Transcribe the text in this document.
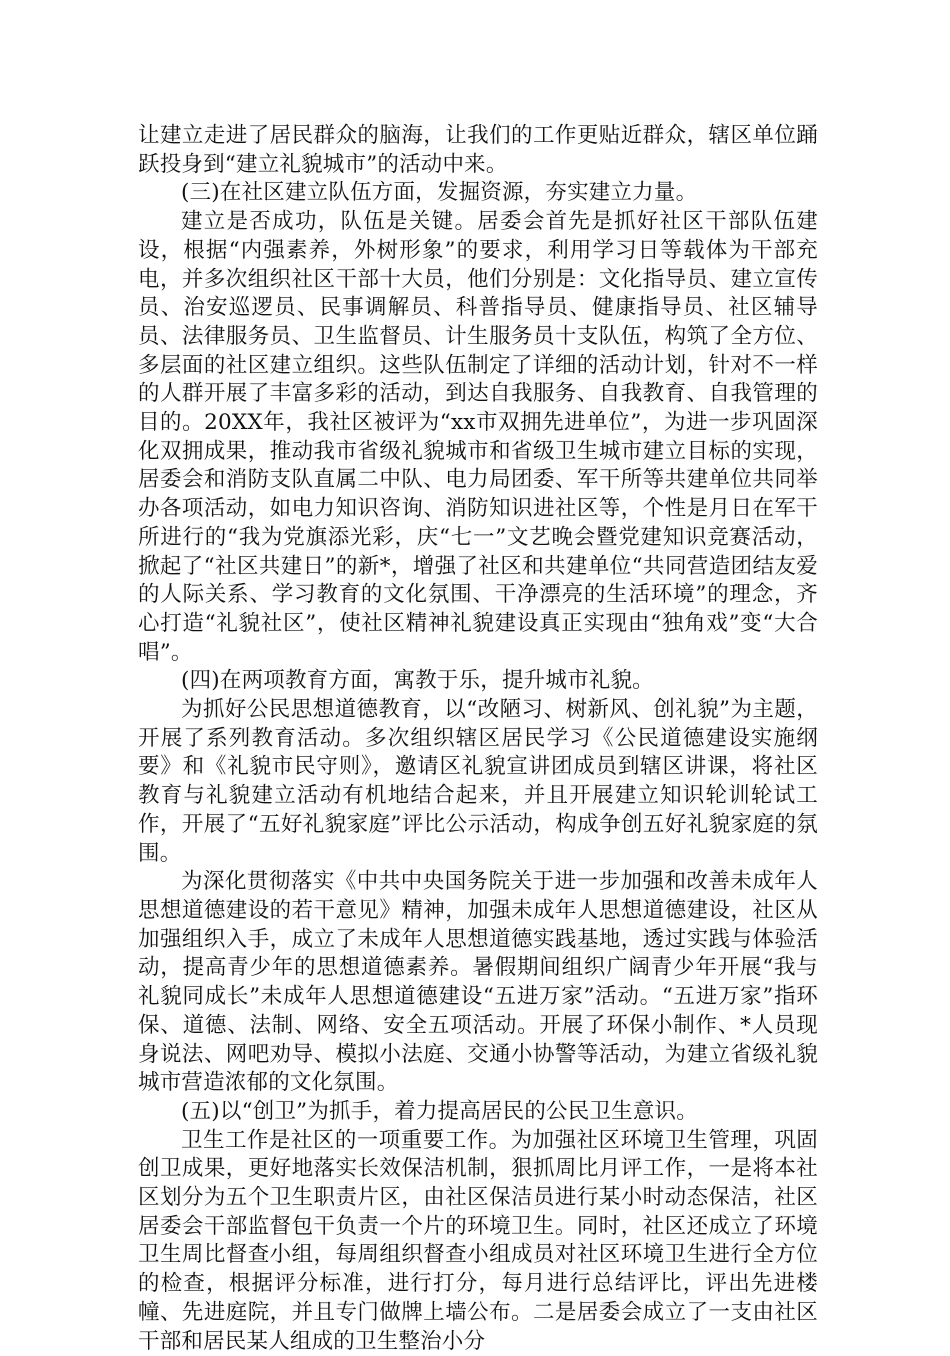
让建立走进了居民群众的脑海，让我们的工作更贴近群众，辖区单位踊跃投身到“建立礼貌城市”的活动中来。

(三)在社区建立队伍方面，发掘资源，夯实建立力量。

建立是否成功，队伍是关键。居委会首先是抓好社区干部队伍建设，根据“内强素养，外树形象”的要求，利用学习日等载体为干部充电，并多次组织社区干部十大员，他们分别是：文化指导员、建立宣传员、治安巡逻员、民事调解员、科普指导员、健康指导员、社区辅导员、法律服务员、卫生监督员、计生服务员十支队伍，构筑了全方位、多层面的社区建立组织。这些队伍制定了详细的活动计划，针对不一样的人群开展了丰富多彩的活动，到达自我服务、自我教育、自我管理的目的。20XX年，我社区被评为“xx市双拥先进单位”，为进一步巩固深化双拥成果，推动我市省级礼貌城市和省级卫生城市建立目标的实现，居委会和消防支队直属二中队、电力局团委、军干所等共建单位共同举办各项活动，如电力知识咨询、消防知识进社区等，个性是月日在军干所进行的“我为党旗添光彩，庆“七一”文艺晚会暨党建知识竞赛活动，掀起了“社区共建日”的新*，增强了社区和共建单位“共同营造团结友爱的人际关系、学习教育的文化氛围、干净漂亮的生活环境”的理念，齐心打造“礼貌社区”，使社区精神礼貌建设真正实现由“独角戏”变“大合唱”。

(四)在两项教育方面，寓教于乐，提升城市礼貌。

为抓好公民思想道德教育，以“改陋习、树新风、创礼貌”为主题，开展了系列教育活动。多次组织辖区居民学习《公民道德建设实施纲要》和《礼貌市民守则》，邀请区礼貌宣讲团成员到辖区讲课，将社区教育与礼貌建立活动有机地结合起来，并且开展建立知识轮训轮试工作，开展了“五好礼貌家庭”评比公示活动，构成争创五好礼貌家庭的氛围。

为深化贯彻落实《中共中央国务院关于进一步加强和改善未成年人思想道德建设的若干意见》精神，加强未成年人思想道德建设，社区从加强组织入手，成立了未成年人思想道德实践基地，透过实践与体验活动，提高青少年的思想道德素养。暑假期间组织广阔青少年开展“我与礼貌同成长”未成年人思想道德建设“五进万家”活动。“五进万家”指环保、道德、法制、网络、安全五项活动。开展了环保小制作、*人员现身说法、网吧劝导、模拟小法庭、交通小协警等活动，为建立省级礼貌城市营造浓郁的文化氛围。

(五)以“创卫”为抓手，着力提高居民的公民卫生意识。

卫生工作是社区的一项重要工作。为加强社区环境卫生管理，巩固创卫成果，更好地落实长效保洁机制，狠抓周比月评工作，一是将本社区划分为五个卫生职责片区，由社区保洁员进行某小时动态保洁，社区居委会干部监督包干负责一个片的环境卫生。同时，社区还成立了环境卫生周比督查小组，每周组织督查小组成员对社区环境卫生进行全方位的检查，根据评分标准，进行打分，每月进行总结评比，评出先进楼幢、先进庭院，并且专门做牌上墙公布。二是居委会成立了一支由社区干部和居民某人组成的卫生整治小分
